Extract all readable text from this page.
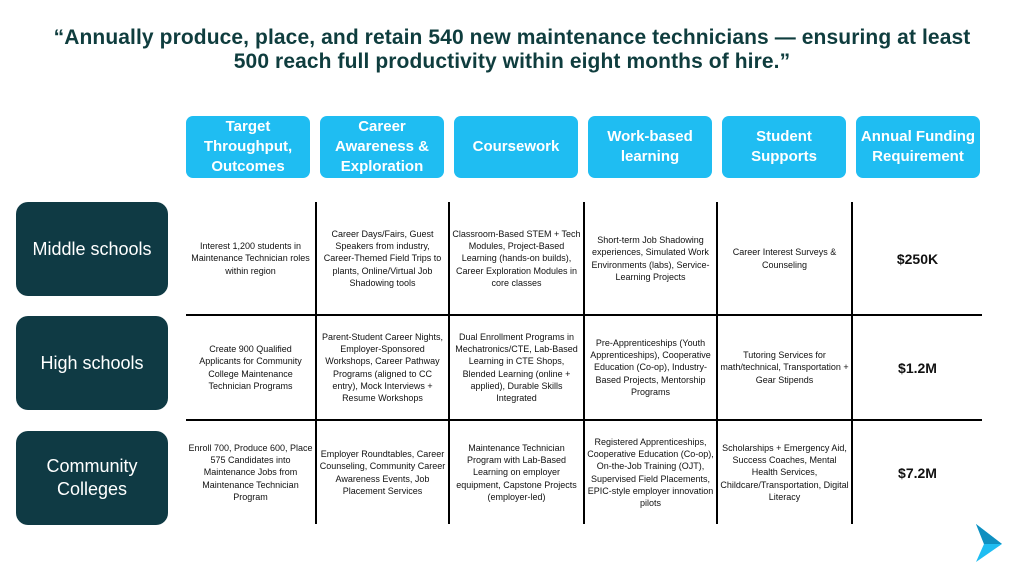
“Annually produce, place, and retain 540 new maintenance technicians — ensuring at least 500 reach full productivity within eight months of hire.”
Target Throughput, Outcomes
Career Awareness & Exploration
Coursework
Work-based learning
Student Supports
Annual Funding Requirement
Middle schools
High schools
Community Colleges
Interest 1,200 students in Maintenance Technician roles within region
Career Days/Fairs, Guest Speakers from industry, Career-Themed Field Trips to plants, Online/Virtual Job Shadowing tools
Classroom-Based STEM + Tech Modules, Project-Based Learning (hands-on builds), Career Exploration Modules in core classes
Short-term Job Shadowing experiences, Simulated Work Environments (labs), Service-Learning Projects
Career Interest Surveys & Counseling	$250K
Create 900 Qualified Applicants for Community College Maintenance Technician Programs
Parent-Student Career Nights, Employer-Sponsored Workshops, Career Pathway Programs (aligned to CC entry), Mock Interviews + Resume Workshops
Dual Enrollment Programs in Mechatronics/CTE, Lab-Based Learning in CTE Shops, Blended Learning (online + applied), Durable Skills Integrated
Pre-Apprenticeships (Youth Apprenticeships), Cooperative Education (Co-op), Industry-Based Projects, Mentorship Programs
Tutoring Services for math/technical, Transportation + Gear Stipends
$1.2M
Enroll 700, Produce 600, Place 575 Candidates into Maintenance Jobs from Maintenance Technician Program
Employer Roundtables, Career Counseling, Community Career Awareness Events, Job Placement Services
Maintenance Technician Program with Lab-Based Learning on employer equipment, Capstone Projects (employer-led)
Registered Apprenticeships, Cooperative Education (Co-op), On-the-Job Training (OJT), Supervised Field Placements, EPIC-style employer innovation pilots
Scholarships + Emergency Aid, Success Coaches, Mental Health Services, Childcare/Transportation, Digital Literacy
$7.2M
